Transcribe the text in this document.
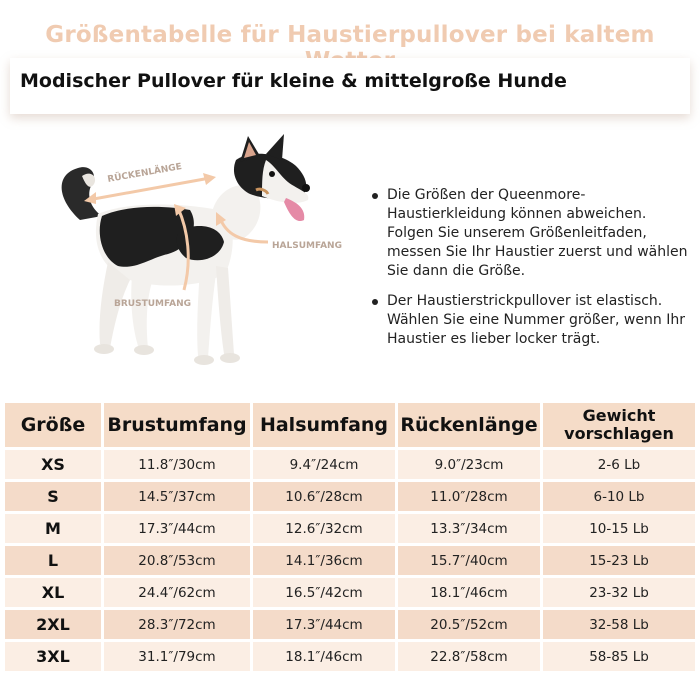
Größentabelle für Haustierpullover bei kaltem
Modischer Pullover für kleine & mittelgroße Hunde
RÜCKENLÄNGE
HALSUMFANG
BRUSTUMFANG
Die Größen der Queenmore-Haustierkleidung können abweichen. Folgen Sie unserem Größenleitfaden, messen Sie Ihr Haustier zuerst und wählen Sie dann die Größe.
Der Haustierstrickpullover ist elastisch. Wählen Sie eine Nummer größer, wenn Ihr Haustier es lieber locker trägt.
Größe	Brustumfang	Halsumfang	Rückenlänge	Gewicht
vorschlagen
XS	11.8″/30cm	9.4″/24cm	9.0″/23cm	2-6 Lb
S	14.5″/37cm	10.6″/28cm	11.0″/28cm	6-10 Lb
M	17.3″/44cm	12.6″/32cm	13.3″/34cm	10-15 Lb
L	20.8″/53cm	14.1″/36cm	15.7″/40cm	15-23 Lb
XL	24.4″/62cm	16.5″/42cm	18.1″/46cm	23-32 Lb
2XL	28.3″/72cm	17.3″/44cm	20.5″/52cm	32-58 Lb
3XL	31.1″/79cm	18.1″/46cm	22.8″/58cm	58-85 Lb
